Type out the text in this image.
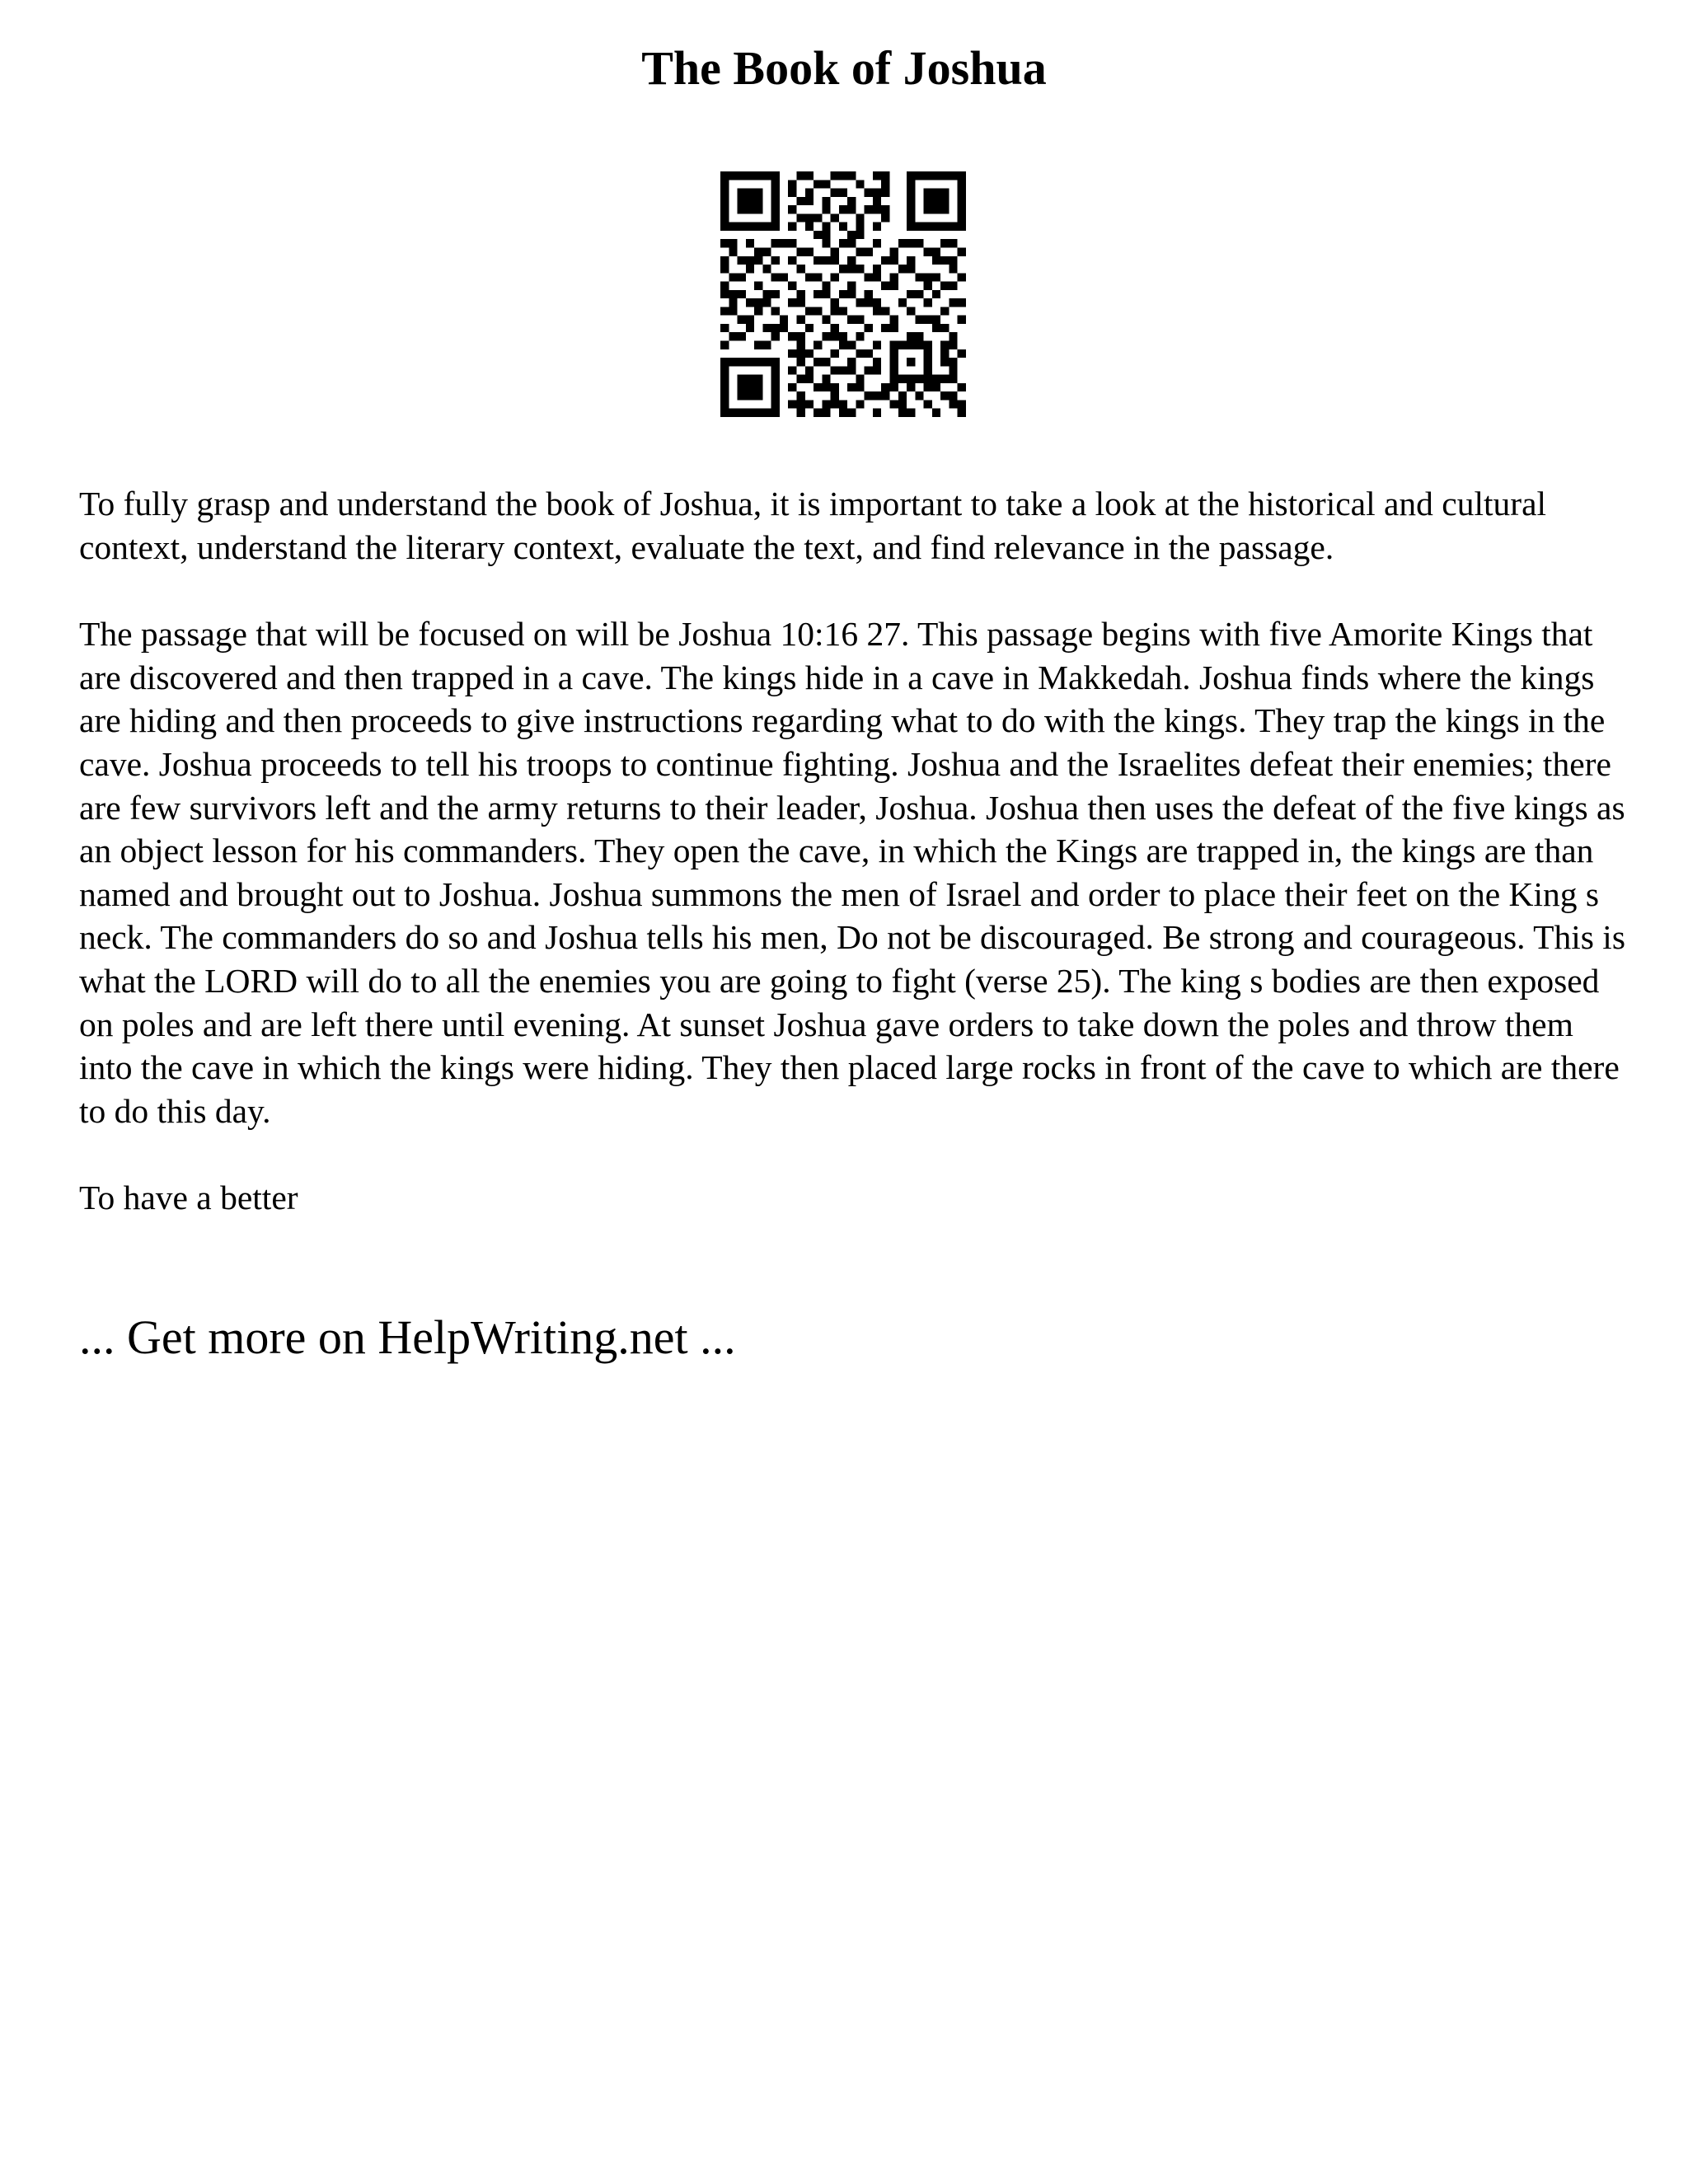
The Book of Joshua

To fully grasp and understand the book of Joshua, it is important to take a look at the historical and cultural context, understand the literary context, evaluate the text, and find relevance in the passage.

The passage that will be focused on will be Joshua 10:16 27. This passage begins with five Amorite Kings that are discovered and then trapped in a cave. The kings hide in a cave in Makkedah. Joshua finds where the kings are hiding and then proceeds to give instructions regarding what to do with the kings. They trap the kings in the cave. Joshua proceeds to tell his troops to continue fighting. Joshua and the Israelites defeat their enemies; there are few survivors left and the army returns to their leader, Joshua. Joshua then uses the defeat of the five kings as an object lesson for his commanders. They open the cave, in which the Kings are trapped in, the kings are than named and brought out to Joshua. Joshua summons the men of Israel and order to place their feet on the King s neck. The commanders do so and Joshua tells his men, Do not be discouraged. Be strong and courageous. This is what the LORD will do to all the enemies you are going to fight (verse 25). The king s bodies are then exposed on poles and are left there until evening. At sunset Joshua gave orders to take down the poles and throw them into the cave in which the kings were hiding. They then placed large rocks in front of the cave to which are there to do this day.

To have a better

... Get more on HelpWriting.net ...
